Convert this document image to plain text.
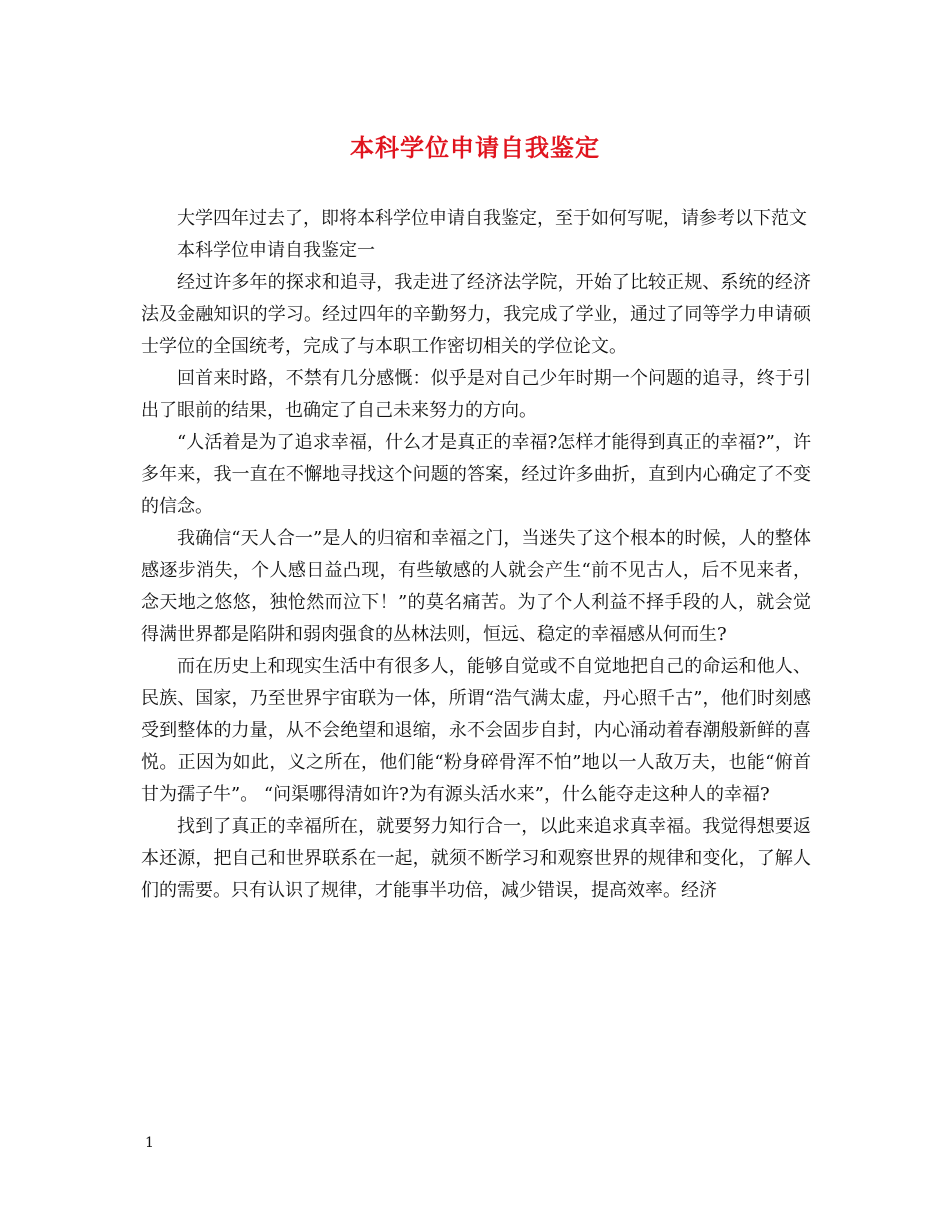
本科学位申请自我鉴定

大学四年过去了，即将本科学位申请自我鉴定，至于如何写呢，请参考以下范文

本科学位申请自我鉴定一

经过许多年的探求和追寻，我走进了经济法学院，开始了比较正规、系统的经济法及金融知识的学习。经过四年的辛勤努力，我完成了学业，通过了同等学力申请硕士学位的全国统考，完成了与本职工作密切相关的学位论文。

回首来时路，不禁有几分感慨：似乎是对自己少年时期一个问题的追寻，终于引出了眼前的结果，也确定了自己未来努力的方向。

“人活着是为了追求幸福，什么才是真正的幸福?怎样才能得到真正的幸福?”，许多年来，我一直在不懈地寻找这个问题的答案，经过许多曲折，直到内心确定了不变的信念。

我确信“天人合一”是人的归宿和幸福之门，当迷失了这个根本的时候，人的整体感逐步消失，个人感日益凸现，有些敏感的人就会产生“前不见古人，后不见来者，念天地之悠悠，独怆然而泣下！”的莫名痛苦。为了个人利益不择手段的人，就会觉得满世界都是陷阱和弱肉强食的丛林法则，恒远、稳定的幸福感从何而生?

而在历史上和现实生活中有很多人，能够自觉或不自觉地把自己的命运和他人、民族、国家，乃至世界宇宙联为一体，所谓“浩气满太虚，丹心照千古”，他们时刻感受到整体的力量，从不会绝望和退缩，永不会固步自封，内心涌动着春潮般新鲜的喜悦。正因为如此，义之所在，他们能“粉身碎骨浑不怕”地以一人敌万夫，也能“俯首甘为孺子牛”。 “问渠哪得清如许?为有源头活水来”，什么能夺走这种人的幸福?

找到了真正的幸福所在，就要努力知行合一，以此来追求真幸福。我觉得想要返本还源，把自己和世界联系在一起，就须不断学习和观察世界的规律和变化，了解人们的需要。只有认识了规律，才能事半功倍，减少错误，提高效率。经济

1
